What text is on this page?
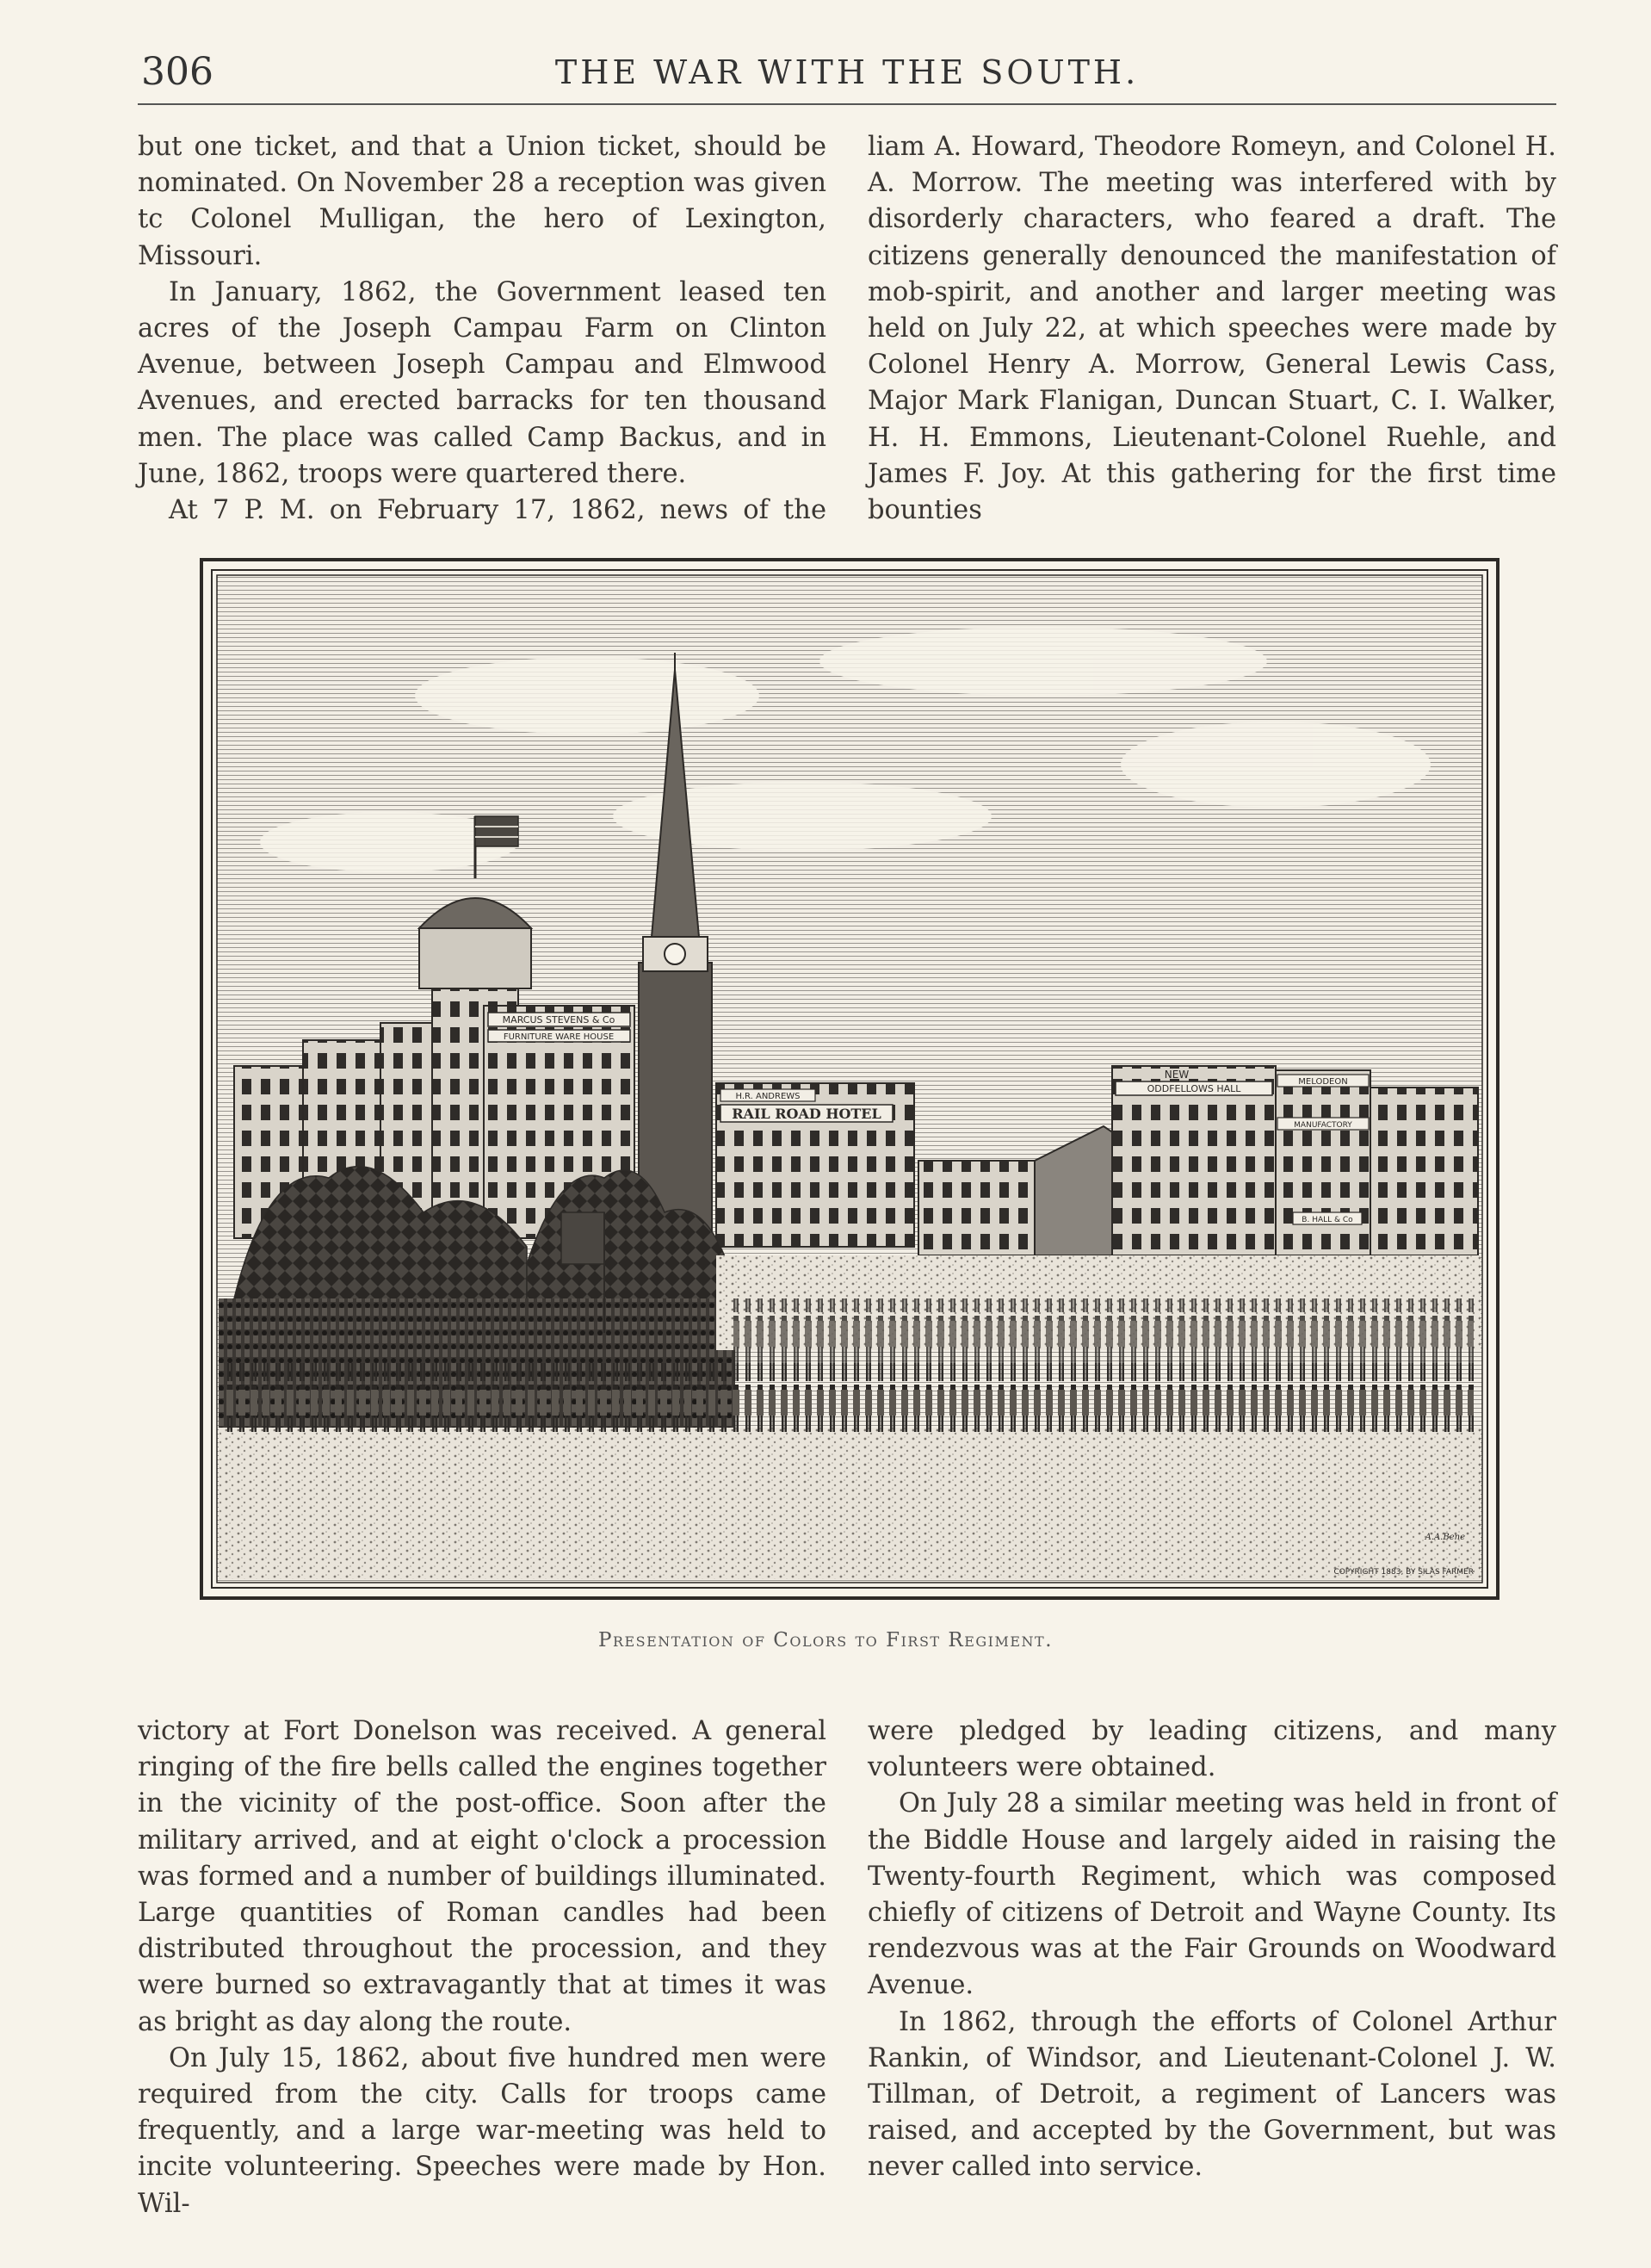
306	THE WAR WITH THE SOUTH.

but one ticket, and that a Union ticket, should be nominated. On November 28 a reception was given tc Colonel Mulligan, the hero of Lexington, Missouri.

In January, 1862, the Government leased ten acres of the Joseph Campau Farm on Clinton Avenue, between Joseph Campau and Elmwood Avenues, and erected barracks for ten thousand men. The place was called Camp Backus, and in June, 1862, troops were quartered there.

At 7 P. M. on February 17, 1862, news of the

liam A. Howard, Theodore Romeyn, and Colonel H. A. Morrow. The meeting was interfered with by disorderly characters, who feared a draft. The citizens generally denounced the manifestation of mob-spirit, and another and larger meeting was held on July 22, at which speeches were made by Colonel Henry A. Morrow, General Lewis Cass, Major Mark Flanigan, Duncan Stuart, C. I. Walker, H. H. Emmons, Lieutenant-Colonel Ruehle, and James F. Joy. At this gathering for the first time bounties

MARCUS STEVENS & Co
FURNITURE WARE HOUSE
H.R. ANDREWS
RAIL ROAD HOTEL
NEW
ODDFELLOWS HALL
MELODEON
MANUFACTORY
B. HALL & Co
A.A.Bene
COPYRIGHT 1883, BY SILAS FARMER
Presentation of Colors to First Regiment.

victory at Fort Donelson was received. A general ringing of the fire bells called the engines together in the vicinity of the post-office. Soon after the military arrived, and at eight o'clock a procession was formed and a number of buildings illuminated. Large quantities of Roman candles had been distributed throughout the procession, and they were burned so extravagantly that at times it was as bright as day along the route.

On July 15, 1862, about five hundred men were required from the city. Calls for troops came frequently, and a large war-meeting was held to incite volunteering. Speeches were made by Hon. Wil-

were pledged by leading citizens, and many volunteers were obtained.

On July 28 a similar meeting was held in front of the Biddle House and largely aided in raising the Twenty-fourth Regiment, which was composed chiefly of citizens of Detroit and Wayne County. Its rendezvous was at the Fair Grounds on Woodward Avenue.

In 1862, through the efforts of Colonel Arthur Rankin, of Windsor, and Lieutenant-Colonel J. W. Tillman, of Detroit, a regiment of Lancers was raised, and accepted by the Government, but was never called into service.
